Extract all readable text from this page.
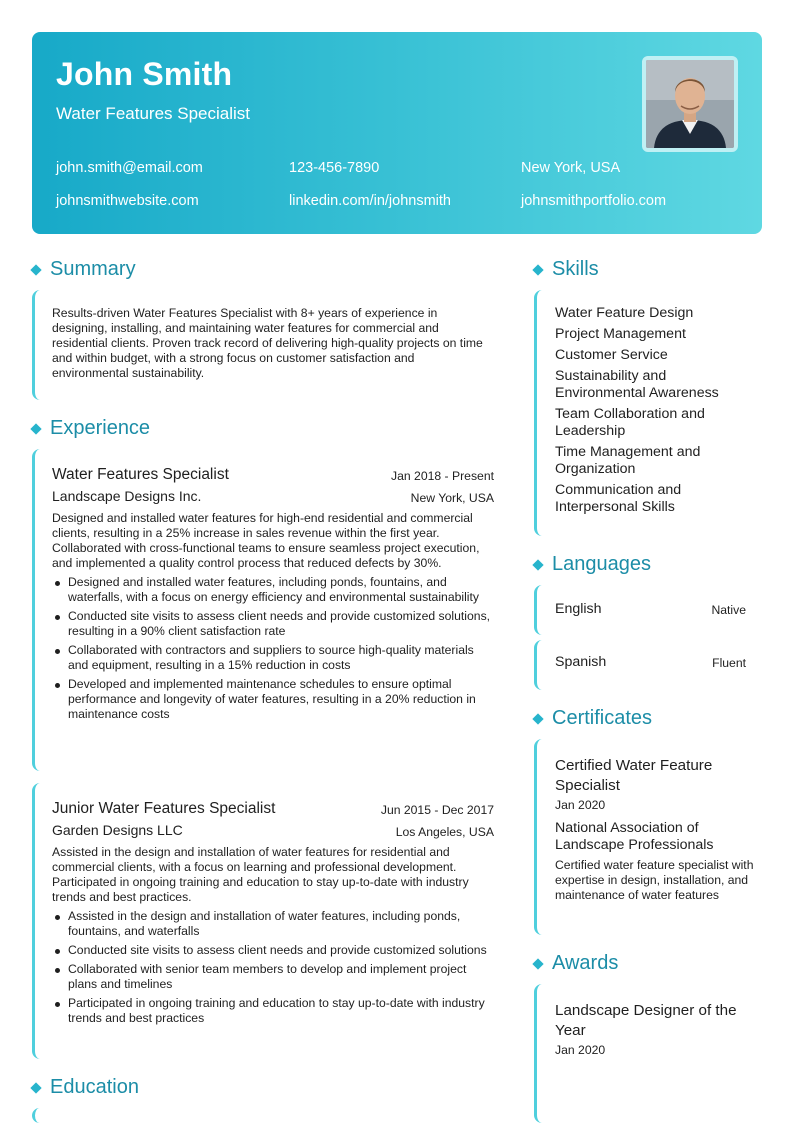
John Smith
Water Features Specialist
john.smith@email.com	123-456-7890	New York, USA
johnsmithwebsite.com	linkedin.com/in/johnsmith	johnsmithportfolio.com
Summary
Results-driven Water Features Specialist with 8+ years of experience in designing, installing, and maintaining water features for commercial and residential clients. Proven track record of delivering high-quality projects on time and within budget, with a strong focus on customer satisfaction and environmental sustainability.
Experience
Water Features Specialist	Jan 2018 - Present
Landscape Designs Inc.	New York, USA
Designed and installed water features for high-end residential and commercial clients, resulting in a 25% increase in sales revenue within the first year. Collaborated with cross-functional teams to ensure seamless project execution, and implemented a quality control process that reduced defects by 30%.
Designed and installed water features, including ponds, fountains, and waterfalls, with a focus on energy efficiency and environmental sustainability
Conducted site visits to assess client needs and provide customized solutions, resulting in a 90% client satisfaction rate
Collaborated with contractors and suppliers to source high-quality materials and equipment, resulting in a 15% reduction in costs
Developed and implemented maintenance schedules to ensure optimal performance and longevity of water features, resulting in a 20% reduction in maintenance costs
Junior Water Features Specialist	Jun 2015 - Dec 2017
Garden Designs LLC	Los Angeles, USA
Assisted in the design and installation of water features for residential and commercial clients, with a focus on learning and professional development. Participated in ongoing training and education to stay up-to-date with industry trends and best practices.
Assisted in the design and installation of water features, including ponds, fountains, and waterfalls
Conducted site visits to assess client needs and provide customized solutions
Collaborated with senior team members to develop and implement project plans and timelines
Participated in ongoing training and education to stay up-to-date with industry trends and best practices
Education
Skills
Water Feature Design
Project Management
Customer Service
Sustainability and Environmental Awareness
Team Collaboration and Leadership
Time Management and Organization
Communication and Interpersonal Skills
Languages
English	Native
Spanish	Fluent
Certificates
Certified Water Feature Specialist
Jan 2020
National Association of Landscape Professionals
Certified water feature specialist with expertise in design, installation, and maintenance of water features
Awards
Landscape Designer of the Year
Jan 2020
